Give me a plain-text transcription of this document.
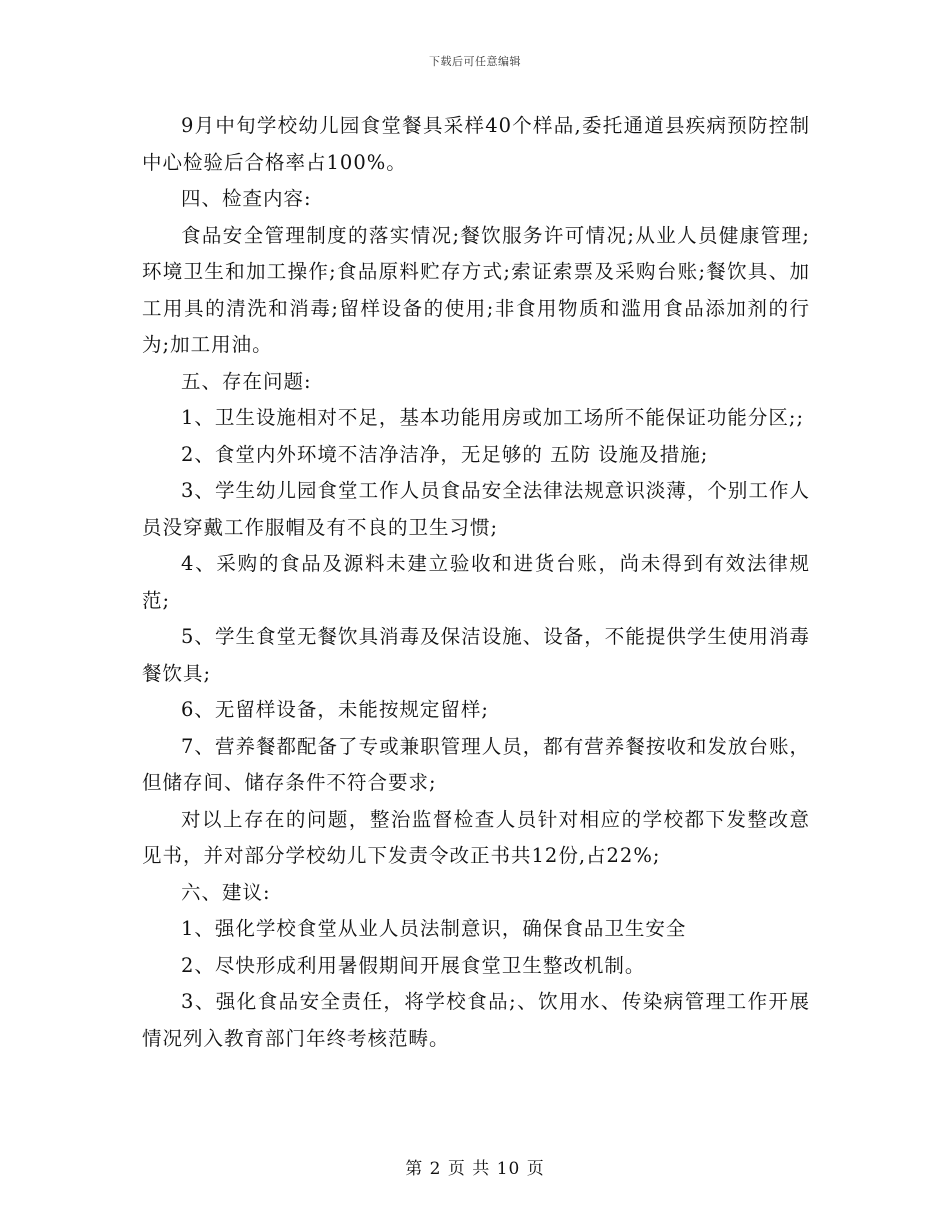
下载后可任意编辑

9月中旬学校幼儿园食堂餐具采样40个样品,委托通道县疾病预防控制中心检验后合格率占100%。

四、检查内容:

食品安全管理制度的落实情况;餐饮服务许可情况;从业人员健康管理;环境卫生和加工操作;食品原料贮存方式;索证索票及采购台账;餐饮具、加工用具的清洗和消毒;留样设备的使用;非食用物质和滥用食品添加剂的行为;加工用油。

五、存在问题:

1、卫生设施相对不足，基本功能用房或加工场所不能保证功能分区;;

2、食堂内外环境不洁净洁净，无足够的 五防 设施及措施;

3、学生幼儿园食堂工作人员食品安全法律法规意识淡薄，个别工作人员没穿戴工作服帽及有不良的卫生习惯;

4、采购的食品及源料未建立验收和进货台账，尚未得到有效法律规范;

5、学生食堂无餐饮具消毒及保洁设施、设备，不能提供学生使用消毒餐饮具;

6、无留样设备，未能按规定留样;

7、营养餐都配备了专或兼职管理人员，都有营养餐按收和发放台账，但储存间、储存条件不符合要求;

对以上存在的问题，整治监督检查人员针对相应的学校都下发整改意见书，并对部分学校幼儿下发责令改正书共12份,占22%;

六、建议:

1、强化学校食堂从业人员法制意识，确保食品卫生安全

2、尽快形成利用暑假期间开展食堂卫生整改机制。

3、强化食品安全责任，将学校食品;、饮用水、传染病管理工作开展情况列入教育部门年终考核范畴。

第 2 页 共 10 页
